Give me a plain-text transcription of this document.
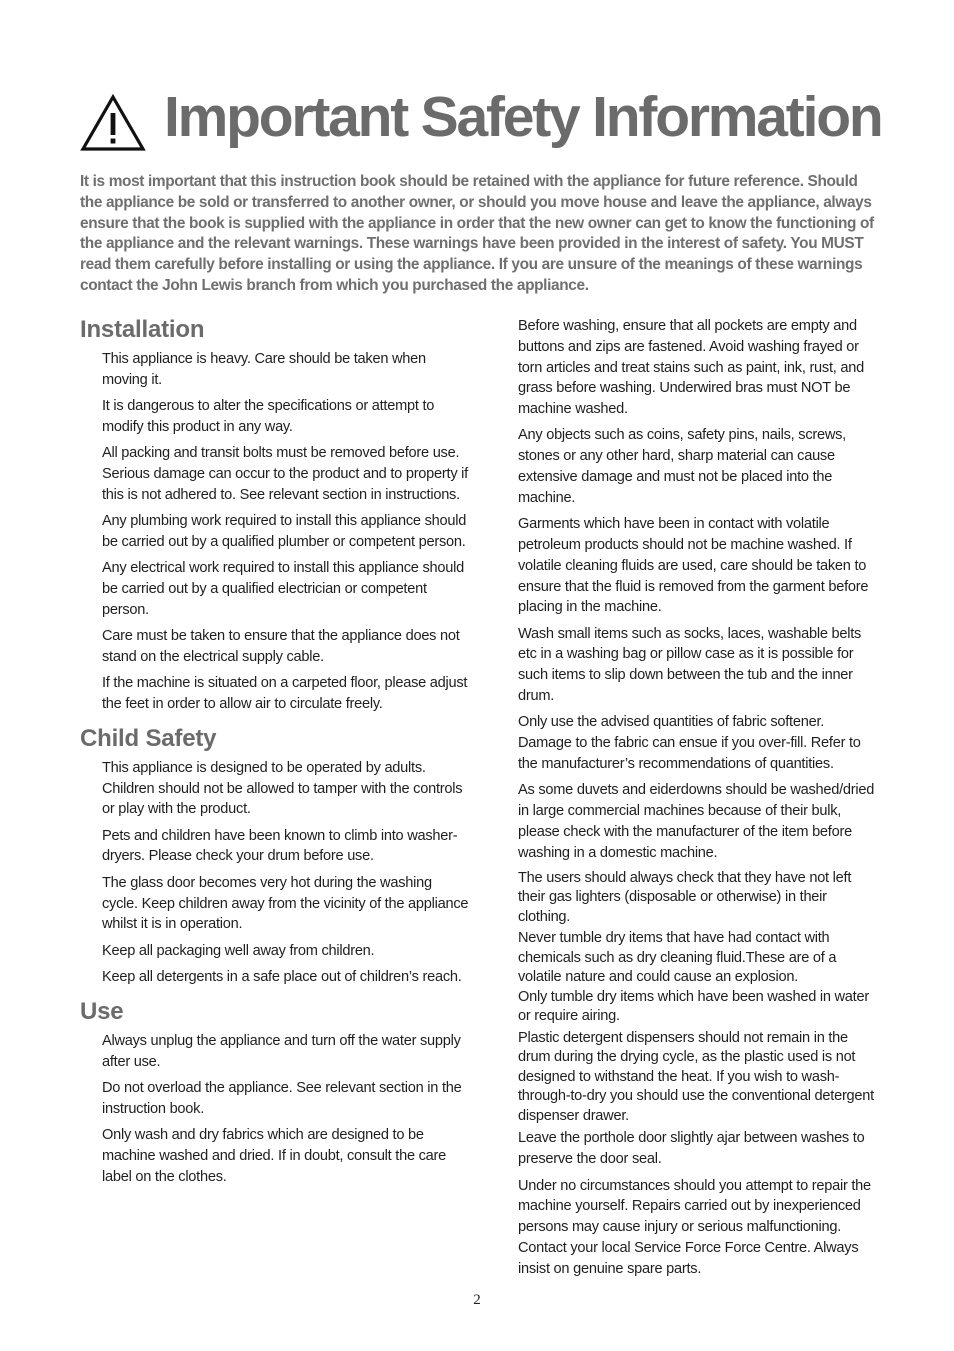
Important Safety Information

It is most important that this instruction book should be retained with the appliance for future reference. Should the appliance be sold or transferred to another owner, or should you move house and leave the appliance, always ensure that the book is supplied with the appliance in order that the new owner can get to know the functioning of the appliance and the relevant warnings. These warnings have been provided in the interest of safety. You MUST read them carefully before installing or using the appliance. If you are unsure of the meanings of these warnings contact the John Lewis branch from which you purchased the appliance.

Installation

This appliance is heavy. Care should be taken when moving it.

It is dangerous to alter the specifications or attempt to modify this product in any way.

All packing and transit bolts must be removed before use. Serious damage can occur to the product and to property if this is not adhered to. See relevant section in instructions.

Any plumbing work required to install this appliance should be carried out by a qualified plumber or competent person.

Any electrical work required to install this appliance should be carried out by a qualified electrician or competent person.

Care must be taken to ensure that the appliance does not stand on the electrical supply cable.

If the machine is situated on a carpeted floor, please adjust the feet in order to allow air to circulate freely.

Child Safety

This appliance is designed to be operated by adults. Children should not be allowed to tamper with the controls or play with the product.

Pets and children have been known to climb into washer-dryers. Please check your drum before use.

The glass door becomes very hot during the washing cycle. Keep children away from the vicinity of the appliance whilst it is in operation.

Keep all packaging well away from children.

Keep all detergents in a safe place out of children’s reach.

Use

Always unplug the appliance and turn off the water supply after use.

Do not overload the appliance. See relevant section in the instruction book.

Only wash and dry fabrics which are designed to be machine washed and dried. If in doubt, consult the care label on the clothes.

Before washing, ensure that all pockets are empty and buttons and zips are fastened. Avoid washing frayed or torn articles and treat stains such as paint, ink, rust, and grass before washing. Underwired bras must NOT be machine washed.

Any objects such as coins, safety pins, nails, screws, stones or any other hard, sharp material can cause extensive damage and must not be placed into the machine.

Garments which have been in contact with volatile petroleum products should not be machine washed. If volatile cleaning fluids are used, care should be taken to ensure that the fluid is removed from the garment before placing in the machine.

Wash small items such as socks, laces, washable belts etc in a washing bag or pillow case as it is possible for such items to slip down between the tub and the inner drum.

Only use the advised quantities of fabric softener. Damage to the fabric can ensue if you over-fill. Refer to the manufacturer’s recommendations of quantities.

As some duvets and eiderdowns should be washed/dried in large commercial machines because of their bulk, please check with the manufacturer of the item before washing in a domestic machine.

The users should always check that they have not left their gas lighters (disposable or otherwise) in their clothing.

Never tumble dry items that have had contact with chemicals such as dry cleaning fluid.These are of a volatile nature and could cause an explosion.

Only tumble dry items which have been washed in water or require airing.

Plastic detergent dispensers should not remain in the drum during the drying cycle, as the plastic used is not designed to withstand the heat. If you wish to wash-through-to-dry you should use the conventional detergent dispenser drawer.

Leave the porthole door slightly ajar between washes to preserve the door seal.

Under no circumstances should you attempt to repair the machine yourself. Repairs carried out by inexperienced persons may cause injury or serious malfunctioning. Contact your local Service Force Force Centre. Always insist on genuine spare parts.

2
